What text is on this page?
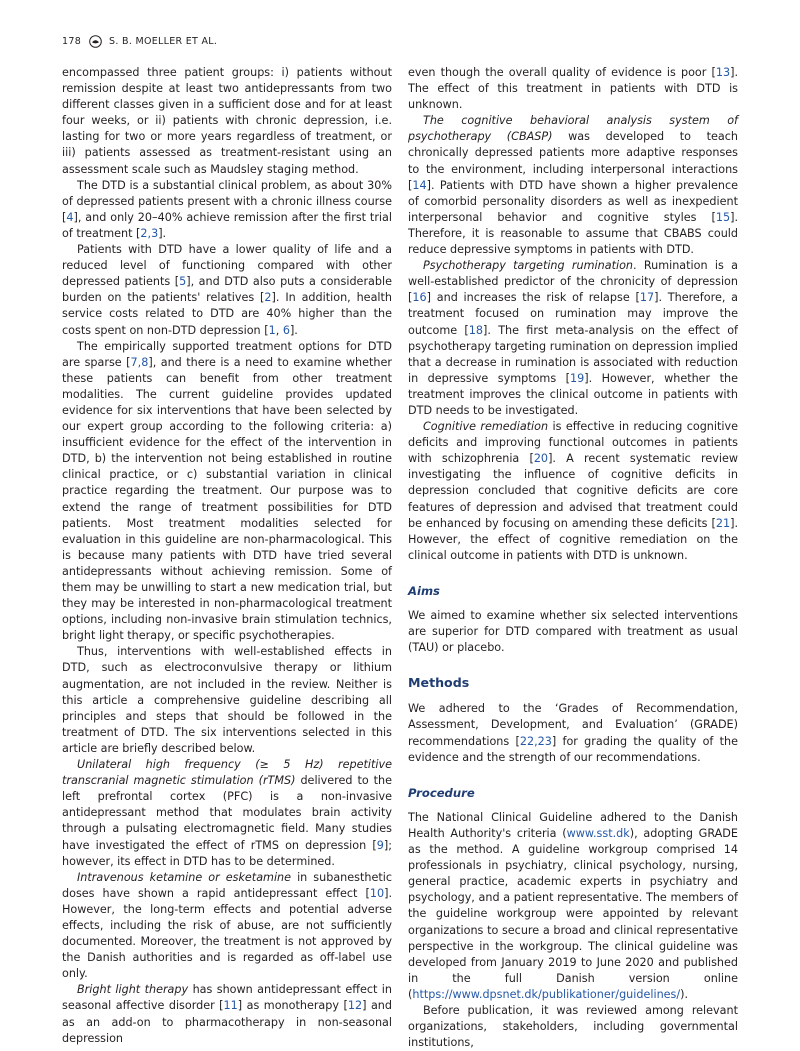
178	S. B. MOELLER ET AL.

encompassed three patient groups: i) patients without remission despite at least two antidepressants from two different classes given in a sufficient dose and for at least four weeks, or ii) patients with chronic depression, i.e. lasting for two or more years regardless of treatment, or iii) patients assessed as treatment-resistant using an assessment scale such as Maudsley staging method.

The DTD is a substantial clinical problem, as about 30% of depressed patients present with a chronic illness course [4], and only 20–40% achieve remission after the first trial of treatment [2,3].

Patients with DTD have a lower quality of life and a reduced level of functioning compared with other depressed patients [5], and DTD also puts a considerable burden on the patients' relatives [2]. In addition, health service costs related to DTD are 40% higher than the costs spent on non-DTD depression [1, 6].

The empirically supported treatment options for DTD are sparse [7,8], and there is a need to examine whether these patients can benefit from other treatment modalities. The current guideline provides updated evidence for six interventions that have been selected by our expert group according to the following criteria: a) insufficient evidence for the effect of the intervention in DTD, b) the intervention not being established in routine clinical practice, or c) substantial variation in clinical practice regarding the treatment. Our purpose was to extend the range of treatment possibilities for DTD patients. Most treatment modalities selected for evaluation in this guideline are non-pharmacological. This is because many patients with DTD have tried several antidepressants without achieving remission. Some of them may be unwilling to start a new medication trial, but they may be interested in non-pharmacological treatment options, including non-invasive brain stimulation technics, bright light therapy, or specific psychotherapies.

Thus, interventions with well-established effects in DTD, such as electroconvulsive therapy or lithium augmentation, are not included in the review. Neither is this article a comprehensive guideline describing all principles and steps that should be followed in the treatment of DTD. The six interventions selected in this article are briefly described below.

Unilateral high frequency (≥ 5 Hz) repetitive transcranial magnetic stimulation (rTMS) delivered to the left prefrontal cortex (PFC) is a non-invasive antidepressant method that modulates brain activity through a pulsating electromagnetic field. Many studies have investigated the effect of rTMS on depression [9]; however, its effect in DTD has to be determined.

Intravenous ketamine or esketamine in subanesthetic doses have shown a rapid antidepressant effect [10]. However, the long-term effects and potential adverse effects, including the risk of abuse, are not sufficiently documented. Moreover, the treatment is not approved by the Danish authorities and is regarded as off-label use only.

Bright light therapy has shown antidepressant effect in seasonal affective disorder [11] as monotherapy [12] and as an add-on to pharmacotherapy in non-seasonal depression

even though the overall quality of evidence is poor [13]. The effect of this treatment in patients with DTD is unknown.

The cognitive behavioral analysis system of psychotherapy (CBASP) was developed to teach chronically depressed patients more adaptive responses to the environment, including interpersonal interactions [14]. Patients with DTD have shown a higher prevalence of comorbid personality disorders as well as inexpedient interpersonal behavior and cognitive styles [15]. Therefore, it is reasonable to assume that CBABS could reduce depressive symptoms in patients with DTD.

Psychotherapy targeting rumination. Rumination is a well-established predictor of the chronicity of depression [16] and increases the risk of relapse [17]. Therefore, a treatment focused on rumination may improve the outcome [18]. The first meta-analysis on the effect of psychotherapy targeting rumination on depression implied that a decrease in rumination is associated with reduction in depressive symptoms [19]. However, whether the treatment improves the clinical outcome in patients with DTD needs to be investigated.

Cognitive remediation is effective in reducing cognitive deficits and improving functional outcomes in patients with schizophrenia [20]. A recent systematic review investigating the influence of cognitive deficits in depression concluded that cognitive deficits are core features of depression and advised that treatment could be enhanced by focusing on amending these deficits [21]. However, the effect of cognitive remediation on the clinical outcome in patients with DTD is unknown.

Aims

We aimed to examine whether six selected interventions are superior for DTD compared with treatment as usual (TAU) or placebo.

Methods

We adhered to the ‘Grades of Recommendation, Assessment, Development, and Evaluation’ (GRADE) recommendations [22,23] for grading the quality of the evidence and the strength of our recommendations.

Procedure

The National Clinical Guideline adhered to the Danish Health Authority's criteria (www.sst.dk), adopting GRADE as the method. A guideline workgroup comprised 14 professionals in psychiatry, clinical psychology, nursing, general practice, academic experts in psychiatry and psychology, and a patient representative. The members of the guideline workgroup were appointed by relevant organizations to secure a broad and clinical representative perspective in the workgroup. The clinical guideline was developed from January 2019 to June 2020 and published in the full Danish version online (https://www.dpsnet.dk/publikationer/guidelines/).

Before publication, it was reviewed among relevant organizations, stakeholders, including governmental institutions,
